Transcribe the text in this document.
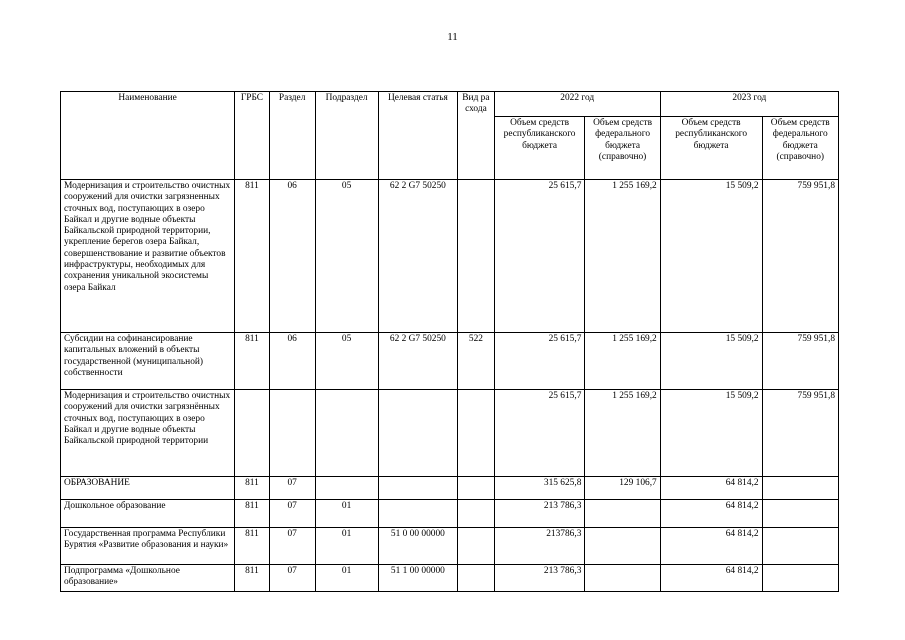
11
Наименование	ГРБС	Раздел	Подраздел	Целевая статья	Вид расхода	2022 год		2023 год	
						Объем средств республиканского бюджета	Объем средств федерального бюджета (справочно)	Объем средств республиканского бюджета	Объем средств федерального бюджета (справочно)
Модернизация и строительство очистных сооружений для очистки загрязненных сточных вод, поступающих в озеро Байкал и другие водные объекты Байкальской природной территории, укрепление берегов озера Байкал, совершенствование и развитие объектов инфраструктуры, необходимых для сохранения уникальной экосистемы озера Байкал	811	06	05	62 2 G7 50250		25 615,7	1 255 169,2	15 509,2	759 951,8
Субсидии на софинансирование капитальных вложений в объекты государственной (муниципальной) собственности	811	06	05	62 2 G7 50250	522	25 615,7	1 255 169,2	15 509,2	759 951,8
Модернизация и строительство очистных сооружений для очистки загрязнённых сточных вод, поступающих в озеро Байкал и другие водные объекты Байкальской природной территории						25 615,7	1 255 169,2	15 509,2	759 951,8
ОБРАЗОВАНИЕ	811	07				315 625,8	129 106,7	64 814,2	
Дошкольное образование	811	07	01			213 786,3		64 814,2	
Государственная программа Республики Бурятия «Развитие образования и науки»	811	07	01	51 0 00 00000		213786,3		64 814,2	
Подпрограмма «Дошкольное образование»	811	07	01	51 1 00 00000		213 786,3		64 814,2	
